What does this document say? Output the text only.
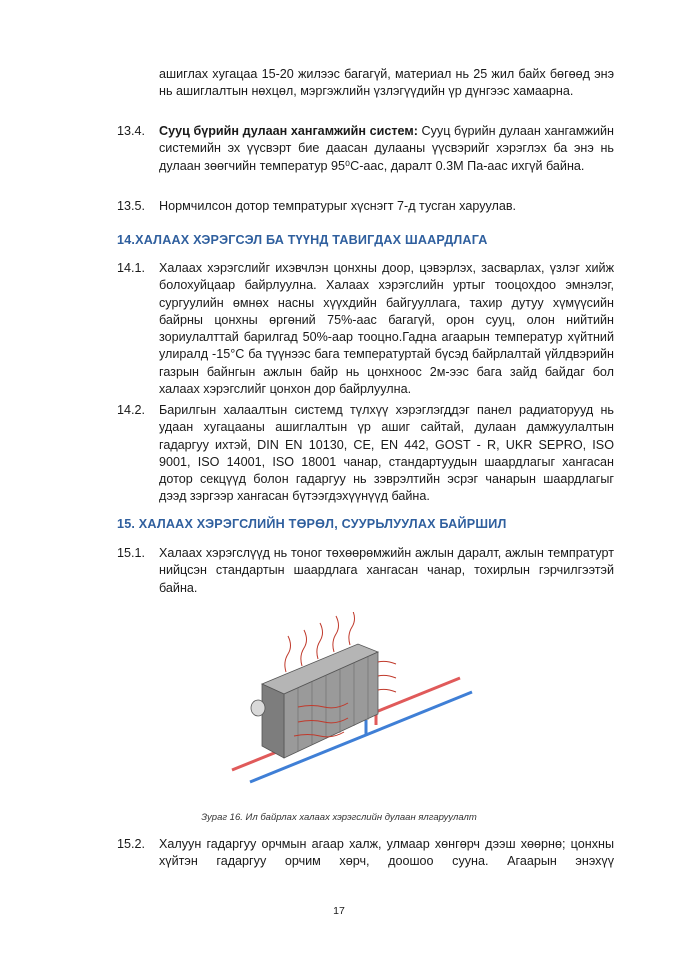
ашиглах хугацаа 15-20 жилээс багагүй, материал нь 25 жил байх бөгөөд энэ нь ашиглалтын нөхцөл, мэргэжлийн үзлэгүүдийн үр дүнгээс хамаарна.
13.4. Сууц бүрийн дулаан хангамжийн систем: Сууц бүрийн дулаан хангамжийн системийн эх үүсвэрт бие даасан дулааны үүсвэрийг хэрэглэх ба энэ нь дулаан зөөгчийн температур 95⁰С-аас, даралт 0.3М Па-аас ихгүй байна.
13.5. Нормчилсон дотор темпратурыг хүснэгт 7-д тусган харуулав.
14.ХАЛААХ ХЭРЭГСЭЛ БА ТҮҮНД ТАВИГДАХ ШААРДЛАГА
14.1. Халаах хэрэгслийг ихэвчлэн цонхны доор, цэвэрлэх, засварлах, үзлэг хийж болохуйцаар байрлуулна. Халаах хэрэгслийн уртыг тооцохдоо эмнэлэг, сургуулийн өмнөх насны хүүхдийн байгууллага, тахир дутуу хүмүүсийн байрны цонхны өргөний 75%-аас багагүй, орон сууц, олон нийтийн зориулалттай барилгад 50%-аар тооцно.Гадна агаарын температур хүйтний улиралд -15°С ба түүнээс бага температуртай бүсэд байрлалтай үйлдвэрийн газрын байнгын ажлын байр нь цонхноос 2м-ээс бага зайд байдаг бол халаах хэрэгслийг цонхон дор байрлуулна.
14.2. Барилгын халаалтын системд түлхүү хэрэглэгддэг панел радиаторууд нь удаан хугацааны ашиглалтын үр ашиг сайтай, дулаан дамжуулалтын гадаргуу ихтэй, DIN EN 10130, CE, EN 442, GOST - R, UKR SEPRO, ISO 9001, ISO 14001, ISO 18001 чанар, стандартуудын шаардлагыг хангасан дотор секцүүд болон гадаргуу нь зэврэлтийн эсрэг чанарын шаардлагыг дээд зэргээр хангасан бүтээгдэхүүнүүд байна.
15. ХАЛААХ ХЭРЭГСЛИЙН ТӨРӨЛ, СУУРЬЛУУЛАХ БАЙРШИЛ
15.1. Халаах хэрэгслүүд нь тоног төхөөрөмжийн ажлын даралт, ажлын темпратурт нийцсэн стандартын шаардлага хангасан чанар, тохирлын гэрчилгээтэй байна.
Зураг 16. Ил байрлах халаах хэрэгслийн дулаан ялгаруулалт
15.2. Халуун гадаргуу орчмын агаар халж, улмаар хөнгөрч дээш хөөрнө; цонхны хүйтэн гадаргуу орчим хөрч, доошоо сууна. Агаарын энэхүү
17
